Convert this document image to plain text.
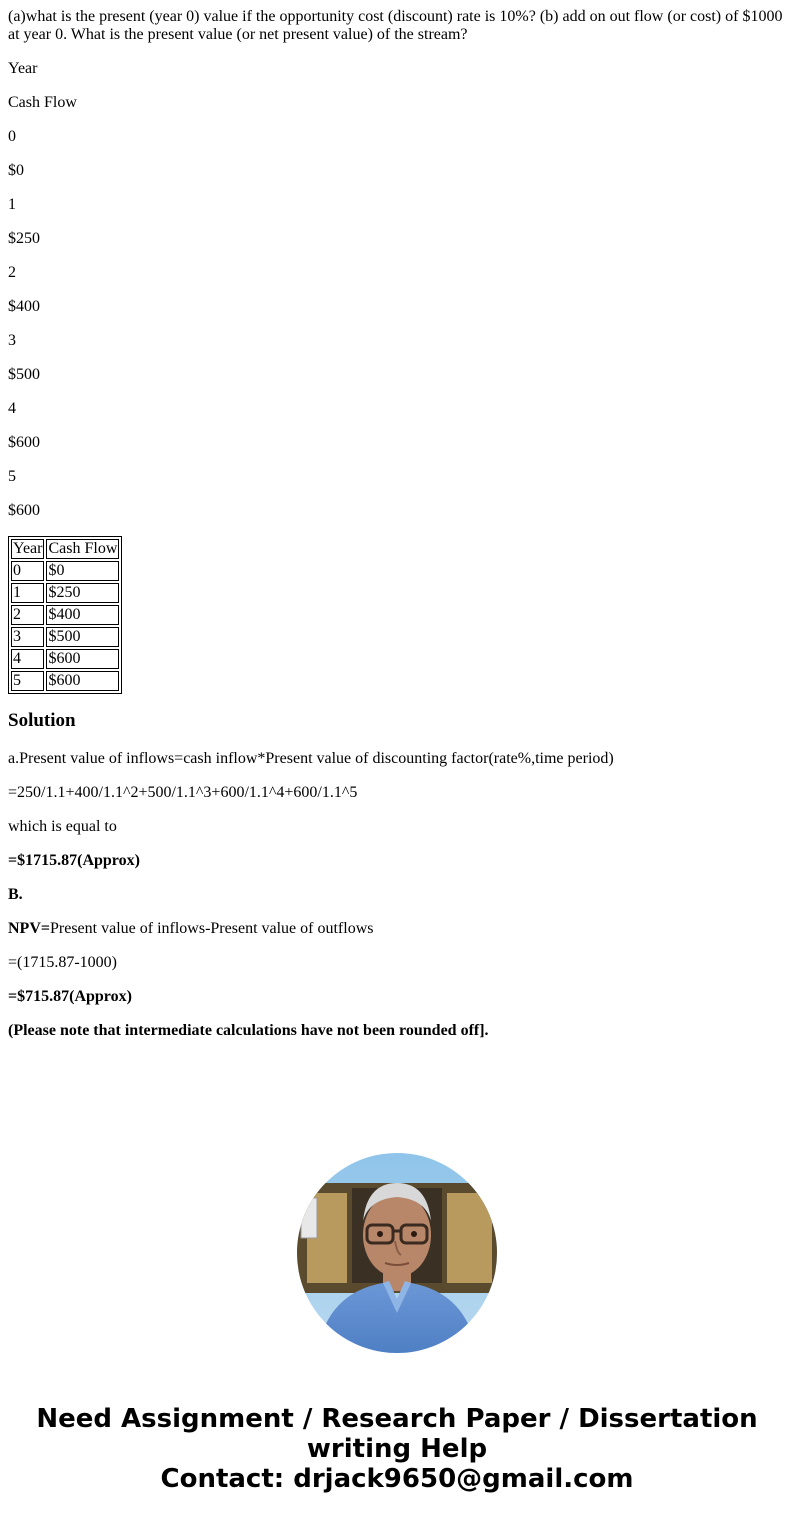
(a)what is the present (year 0) value if the opportunity cost (discount) rate is 10%? (b) add on out flow (or cost) of $1000 at year 0. What is the present value (or net present value) of the stream?

Year

Cash Flow

0

$0

1

$250

2

$400

3

$500

4

$600

5

$600

Year	Cash Flow
0	$0
1	$250
2	$400
3	$500
4	$600
5	$600
Solution

a.Present value of inflows=cash inflow*Present value of discounting factor(rate%,time period)

=250/1.1+400/1.1^2+500/1.1^3+600/1.1^4+600/1.1^5

which is equal to

=$1715.87(Approx)

B.

NPV=Present value of inflows-Present value of outflows

=(1715.87-1000)

=$715.87(Approx)

(Please note that intermediate calculations have not been rounded off].

Need Assignment / Research Paper / Dissertation
writing Help
Contact: drjack9650@gmail.com
